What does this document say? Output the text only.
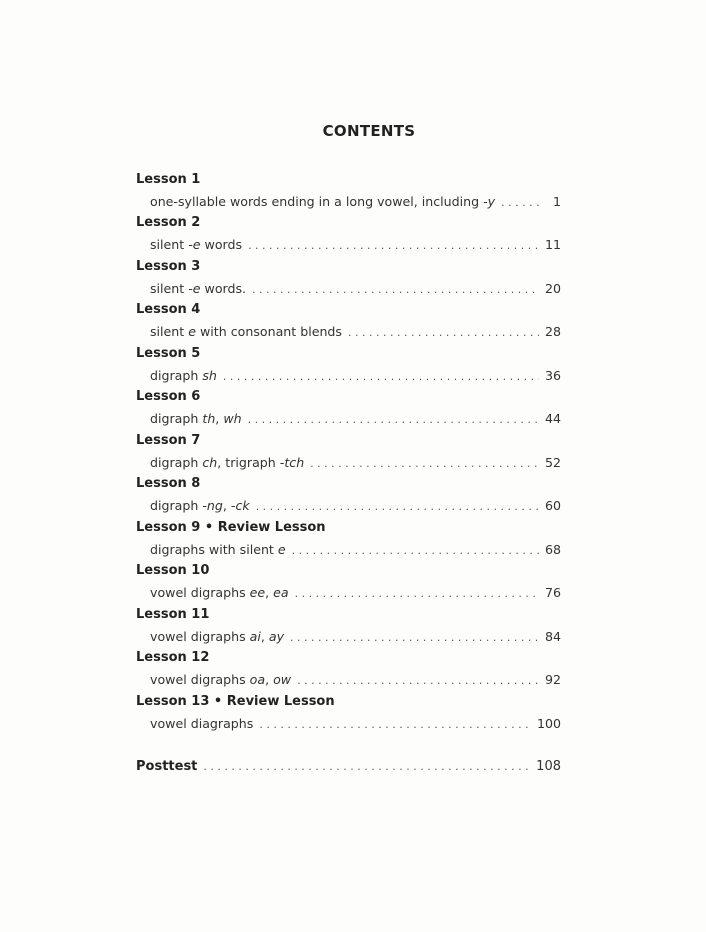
CONTENTS
Lesson 1
one-syllable words ending in a long vowel, including -y . . .	1
Lesson 2
silent -e words . . .	11
Lesson 3
silent -e words. . . .	20
Lesson 4
silent e with consonant blends . . .	28
Lesson 5
digraph sh . . .	36
Lesson 6
digraph th, wh . . .	44
Lesson 7
digraph ch, trigraph -tch . . .	52
Lesson 8
digraph -ng, -ck . . .	60
Lesson 9 • Review Lesson
digraphs with silent e . . .	68
Lesson 10
vowel digraphs ee, ea . . .	76
Lesson 11
vowel digraphs ai, ay . . .	84
Lesson 12
vowel digraphs oa, ow . . .	92
Lesson 13 • Review Lesson
vowel diagraphs . . .	100
Posttest . . .	108
